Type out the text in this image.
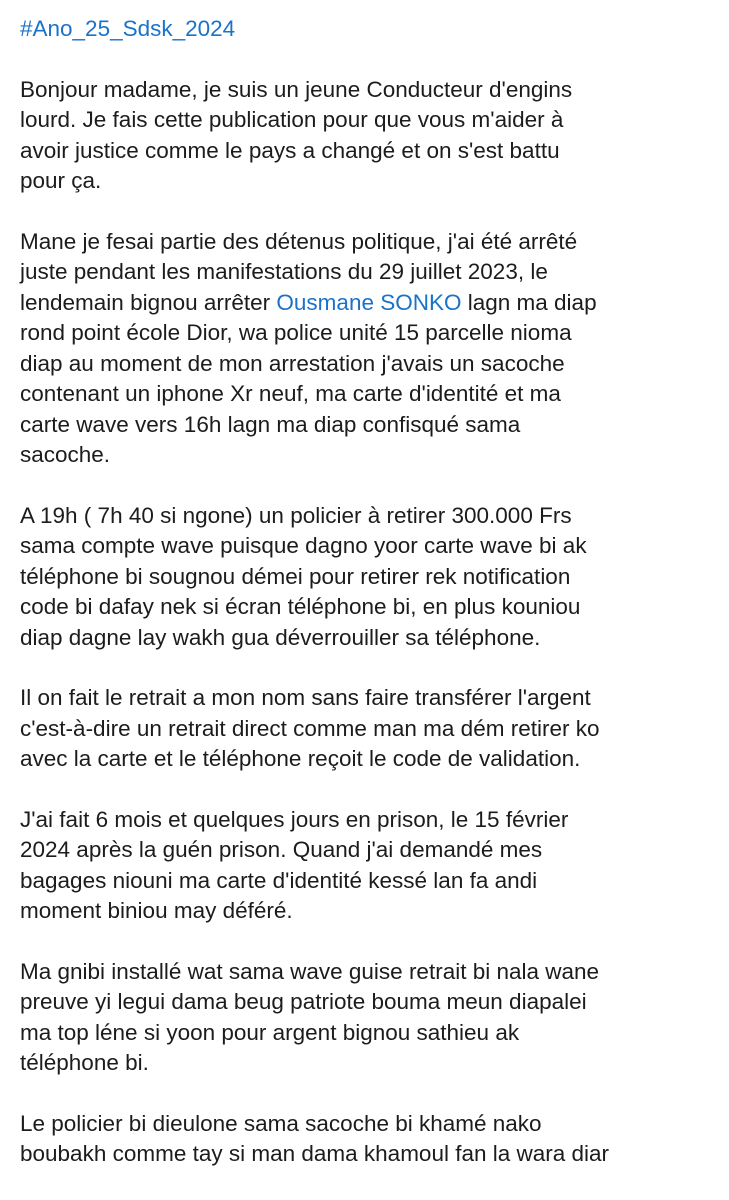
#Ano_25_Sdsk_2024
Bonjour madame, je suis un jeune Conducteur d'engins
lourd. Je fais cette publication pour que vous m'aider à
avoir justice comme le pays a changé et on s'est battu
pour ça.
Mane je fesai partie des détenus politique, j'ai été arrêté
juste pendant les manifestations du 29 juillet 2023, le
lendemain bignou arrêter Ousmane SONKO lagn ma diap
rond point école Dior, wa police unité 15 parcelle nioma
diap au moment de mon arrestation j'avais un sacoche
contenant un iphone Xr neuf, ma carte d'identité et ma
carte wave vers 16h lagn ma diap confisqué sama
sacoche.
A 19h ( 7h 40 si ngone) un policier à retirer 300.000 Frs
sama compte wave puisque dagno yoor carte wave bi ak
téléphone bi sougnou démei pour retirer rek notification
code bi dafay nek si écran téléphone bi, en plus kouniou
diap dagne lay wakh gua déverrouiller sa téléphone.
Il on fait le retrait a mon nom sans faire transférer l'argent
c'est-à-dire un retrait direct comme man ma dém retirer ko
avec la carte et le téléphone reçoit le code de validation.
J'ai fait 6 mois et quelques jours en prison, le 15 février
2024 après la guén prison. Quand j'ai demandé mes
bagages niouni ma carte d'identité kessé lan fa andi
moment biniou may déféré.
Ma gnibi installé wat sama wave guise retrait bi nala wane
preuve yi legui dama beug patriote bouma meun diapalei
ma top léne si yoon pour argent bignou sathieu ak
téléphone bi.
Le policier bi dieulone sama sacoche bi khamé nako
boubakh comme tay si man dama khamoul fan la wara diar
